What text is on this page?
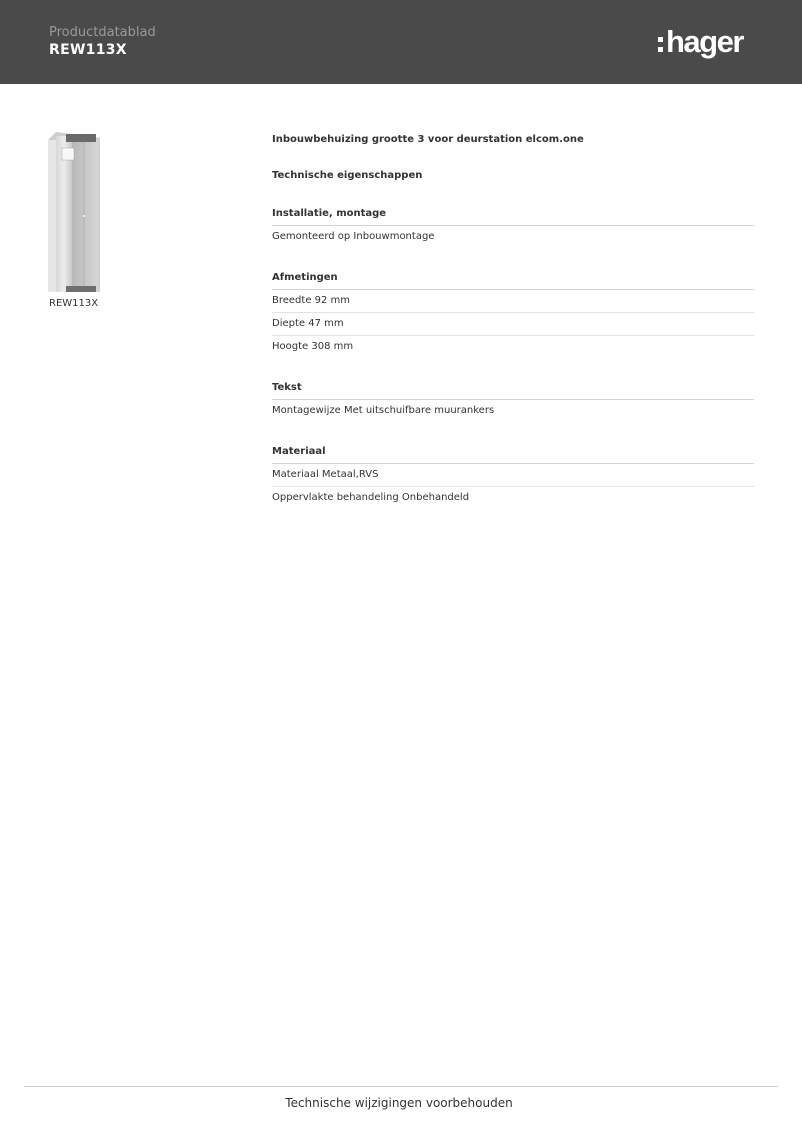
Productdatablad
REW113X	hager
REW113X
Inbouwbehuizing grootte 3 voor deurstation elcom.one
Technische eigenschappen
Installatie, montage
Gemonteerd op Inbouwmontage
Afmetingen
Breedte 92 mm
Diepte 47 mm
Hoogte 308 mm
Tekst
Montagewijze Met uitschuifbare muurankers
Materiaal
Materiaal Metaal,RVS
Oppervlakte behandeling Onbehandeld
Technische wijzigingen voorbehouden
